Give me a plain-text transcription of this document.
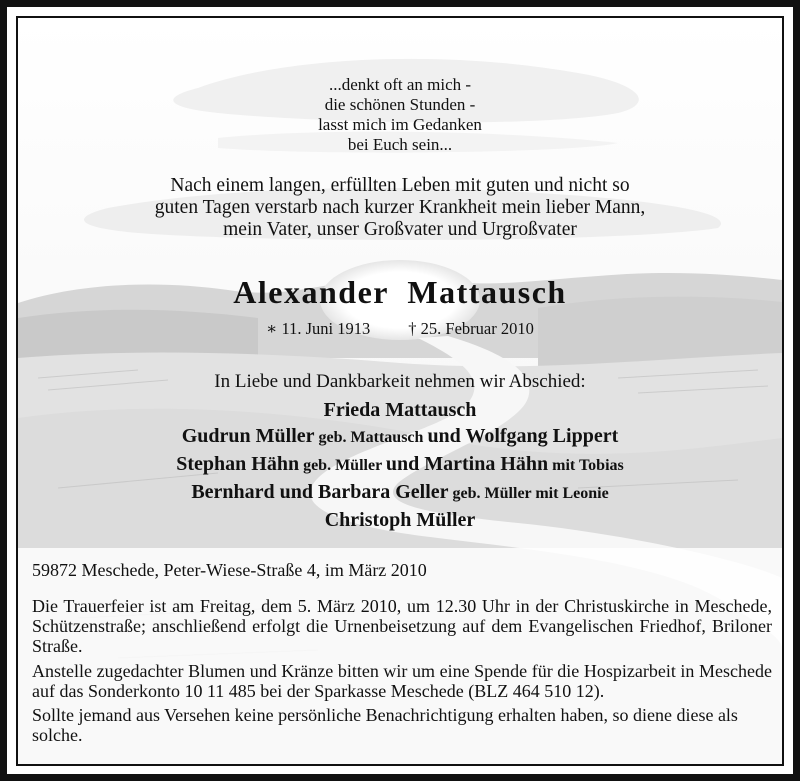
...denkt oft an mich -
die schönen Stunden -
lasst mich im Gedanken
bei Euch sein...
Nach einem langen, erfüllten Leben mit guten und nicht so
guten Tagen verstarb nach kurzer Krankheit mein lieber Mann,
mein Vater, unser Großvater und Urgroßvater
Alexander  Mattausch
∗ 11. Juni 1913 † 25. Februar 2010
In Liebe und Dankbarkeit nehmen wir Abschied:
Frieda Mattausch
Gudrun Müller geb. Mattausch und Wolfgang Lippert
Stephan Hähn geb. Müller und Martina Hähn mit Tobias
Bernhard und Barbara Geller geb. Müller mit Leonie
Christoph Müller
59872 Meschede, Peter-Wiese-Straße 4, im März 2010
Die Trauerfeier ist am Freitag, dem 5. März 2010, um 12.30 Uhr in der Christuskirche in Meschede, Schützenstraße; anschließend erfolgt die Urnenbeisetzung auf dem Evangelischen Friedhof, Briloner Straße.
Anstelle zugedachter Blumen und Kränze bitten wir um eine Spende für die Hospizarbeit in Meschede auf das Sonderkonto 10 11 485 bei der Sparkasse Meschede (BLZ 464 510 12).
Sollte jemand aus Versehen keine persönliche Benachrichtigung erhalten haben, so diene diese als solche.
